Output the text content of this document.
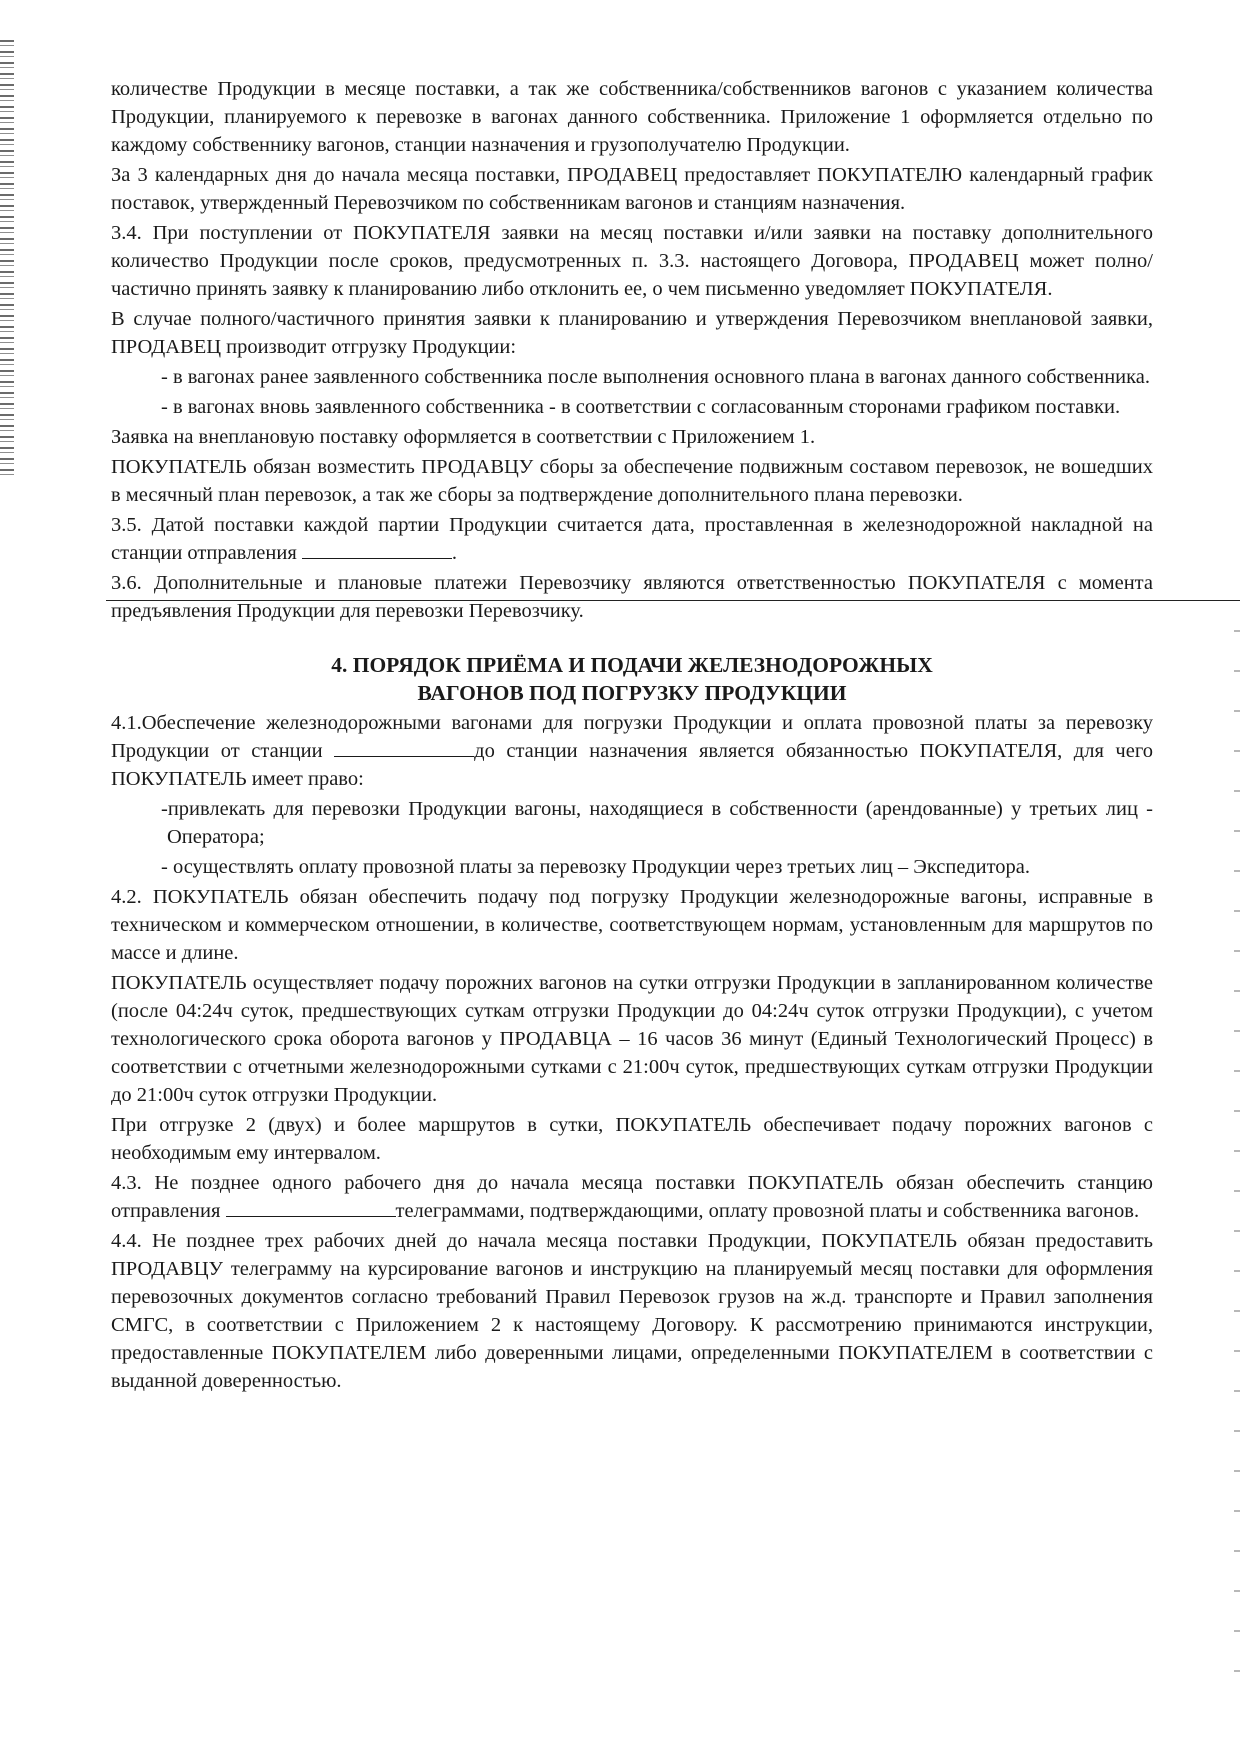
количестве Продукции в месяце поставки, а так же собственника/собственников вагонов с указанием количества Продукции, планируемого к перевозке в вагонах данного собственника. Приложение 1 оформляется отдельно по каждому собственнику вагонов, станции назначения и грузополучателю Продукции.

За 3 календарных дня до начала месяца поставки, ПРОДАВЕЦ предоставляет ПОКУПАТЕЛЮ календарный график поставок, утвержденный Перевозчиком по собственникам вагонов и станциям назначения.

3.4. При поступлении от ПОКУПАТЕЛЯ заявки на месяц поставки и/или заявки на поставку дополнительного количество Продукции после сроков, предусмотренных п. 3.3. настоящего Договора, ПРОДАВЕЦ может полно/частично принять заявку к планированию либо отклонить ее, о чем письменно уведомляет ПОКУПАТЕЛЯ.

В случае полного/частичного принятия заявки к планированию и утверждения Перевозчиком внеплановой заявки, ПРОДАВЕЦ производит отгрузку Продукции:

- в вагонах ранее заявленного собственника после выполнения основного плана в вагонах данного собственника.

- в вагонах вновь заявленного собственника - в соответствии с согласованным сторонами графиком поставки.

Заявка на внеплановую поставку оформляется в соответствии с Приложением 1.

ПОКУПАТЕЛЬ обязан возместить ПРОДАВЦУ сборы за обеспечение подвижным составом перевозок, не вошедших в месячный план перевозок, а так же сборы за подтверждение дополнительного плана перевозки.

3.5. Датой поставки каждой партии Продукции считается дата, проставленная в железнодорожной накладной на станции отправления	.

3.6. Дополнительные и плановые платежи Перевозчику являются ответственностью ПОКУПАТЕЛЯ с момента предъявления Продукции для перевозки Перевозчику.

4. ПОРЯДОК ПРИЁМА И ПОДАЧИ ЖЕЛЕЗНОДОРОЖНЫХ
ВАГОНОВ ПОД ПОГРУЗКУ ПРОДУКЦИИ

4.1.Обеспечение железнодорожными вагонами для погрузки Продукции и оплата провозной платы за перевозку Продукции от станции	до станции назначения является обязанностью ПОКУПАТЕЛЯ, для чего ПОКУПАТЕЛЬ имеет право:

-привлекать для перевозки Продукции вагоны, находящиеся в собственности (арендованные) у третьих лиц - Оператора;

- осуществлять оплату провозной платы за перевозку Продукции через третьих лиц – Экспедитора.

4.2. ПОКУПАТЕЛЬ обязан обеспечить подачу под погрузку Продукции железнодорожные вагоны, исправные в техническом и коммерческом отношении, в количестве, соответствующем нормам, установленным для маршрутов по массе и длине.

ПОКУПАТЕЛЬ осуществляет подачу порожних вагонов на сутки отгрузки Продукции в запланированном количестве (после 04:24ч суток, предшествующих суткам отгрузки Продукции до 04:24ч суток отгрузки Продукции), с учетом технологического срока оборота вагонов у ПРОДАВЦА – 16 часов 36 минут (Единый Технологический Процесс) в соответствии с отчетными железнодорожными сутками с 21:00ч суток, предшествующих суткам отгрузки Продукции до 21:00ч суток отгрузки Продукции.

При отгрузке 2 (двух) и более маршрутов в сутки, ПОКУПАТЕЛЬ обеспечивает подачу порожних вагонов с необходимым ему интервалом.

4.3. Не позднее одного рабочего дня до начала месяца поставки ПОКУПАТЕЛЬ обязан обеспечить станцию отправления	телеграммами, подтверждающими, оплату провозной платы и собственника вагонов.

4.4. Не позднее трех рабочих дней до начала месяца поставки Продукции, ПОКУПАТЕЛЬ обязан предоставить ПРОДАВЦУ телеграмму на курсирование вагонов и инструкцию на планируемый месяц поставки для оформления перевозочных документов согласно требований Правил Перевозок грузов на ж.д. транспорте и Правил заполнения СМГС, в соответствии с Приложением 2 к настоящему Договору. К рассмотрению принимаются инструкции, предоставленные ПОКУПАТЕЛЕМ либо доверенными лицами, определенными ПОКУПАТЕЛЕМ в соответствии с выданной доверенностью.
